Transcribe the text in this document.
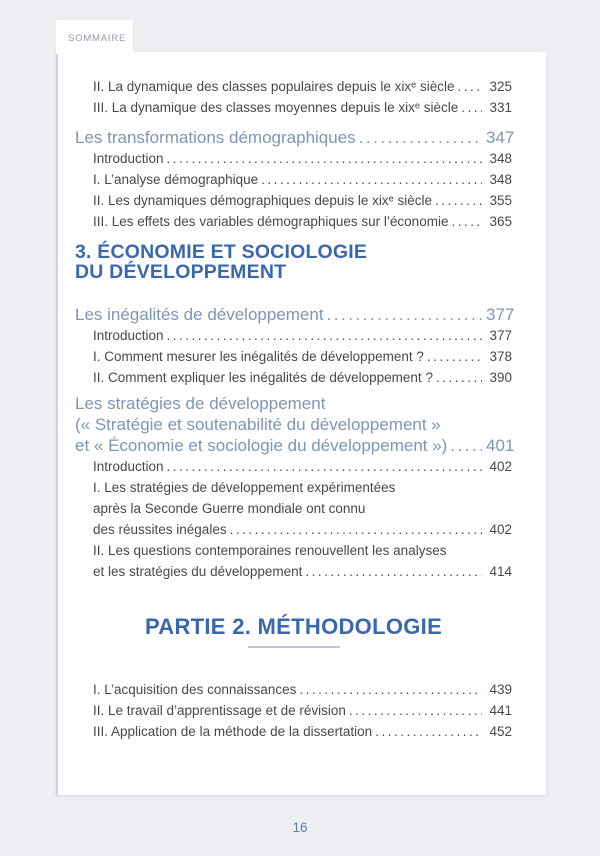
SOMMAIRE
II. La dynamique des classes populaires depuis le xixᵉ siècle .....	325
III. La dynamique des classes moyennes depuis le xixᵉ siècle ..... 331
Les transformations démographiques .....	347
Introduction .....	348
I. L’analyse démographique .....	348
II. Les dynamiques démographiques depuis le xixᵉ siècle .....	355
III. Les effets des variables démographiques sur l’économie .....	365
3. ÉCONOMIE ET SOCIOLOGIE
DU DÉVELOPPEMENT
Les inégalités de développement .....	377
Introduction .....	377
I. Comment mesurer les inégalités de développement ? .....	378
II. Comment expliquer les inégalités de développement ? .....	390
Les stratégies de développement
(« Stratégie et soutenabilité du développement »
et « Économie et sociologie du développement ») ..... 401
Introduction .....	402
I. Les stratégies de développement expérimentées
après la Seconde Guerre mondiale ont connu
des réussites inégales .....	402
II. Les questions contemporaines renouvellent les analyses
et les stratégies du développement .....	414
PARTIE 2. MÉTHODOLOGIE
I. L’acquisition des connaissances .....	439
II. Le travail d’apprentissage et de révision .....	441
III. Application de la méthode de la dissertation .....	452
16
